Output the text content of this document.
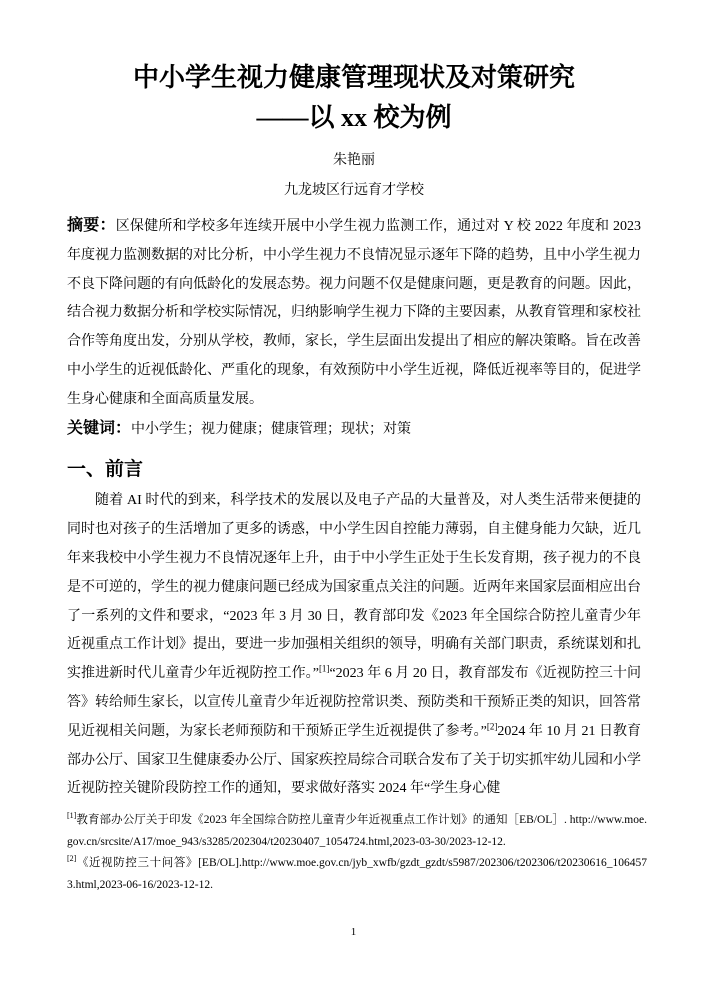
中小学生视力健康管理现状及对策研究
——以 xx 校为例
朱艳丽
九龙坡区行远育才学校
摘要：区保健所和学校多年连续开展中小学生视力监测工作，通过对 Y 校 2022 年度和 2023 年度视力监测数据的对比分析，中小学生视力不良情况显示逐年下降的趋势，且中小学生视力不良下降问题的有向低龄化的发展态势。视力问题不仅是健康问题，更是教育的问题。因此，结合视力数据分析和学校实际情况，归纳影响学生视力下降的主要因素，从教育管理和家校社合作等角度出发，分别从学校，教师，家长，学生层面出发提出了相应的解决策略。旨在改善中小学生的近视低龄化、严重化的现象，有效预防中小学生近视，降低近视率等目的，促进学生身心健康和全面高质量发展。
关键词：中小学生；视力健康；健康管理；现状；对策
一、前言
随着 AI 时代的到来，科学技术的发展以及电子产品的大量普及，对人类生活带来便捷的同时也对孩子的生活增加了更多的诱惑，中小学生因自控能力薄弱，自主健身能力欠缺，近几年来我校中小学生视力不良情况逐年上升，由于中小学生正处于生长发育期，孩子视力的不良是不可逆的，学生的视力健康问题已经成为国家重点关注的问题。近两年来国家层面相应出台了一系列的文件和要求，“2023 年 3 月 30 日，教育部印发《2023 年全国综合防控儿童青少年近视重点工作计划》提出，要进一步加强相关组织的领导，明确有关部门职责，系统谋划和扎实推进新时代儿童青少年近视防控工作。”[1]“2023 年 6 月 20 日，教育部发布《近视防控三十问答》转给师生家长，以宣传儿童青少年近视防控常识类、预防类和干预矫正类的知识，回答常见近视相关问题，为家长老师预防和干预矫正学生近视提供了参考。”[2]2024 年 10 月 21 日教育部办公厅、国家卫生健康委办公厅、国家疾控局综合司联合发布了关于切实抓牢幼儿园和小学近视防控关键阶段防控工作的通知，要求做好落实 2024 年“学生身心健
[1]教育部办公厅关于印发《2023 年全国综合防控儿童青少年近视重点工作计划》的通知［EB/OL］. http://www.moe.gov.cn/srcsite/A17/moe_943/s3285/202304/t20230407_1054724.html,2023-03-30/2023-12-12.
[2]《近视防控三十问答》[EB/OL].http://www.moe.gov.cn/jyb_xwfb/gzdt_gzdt/s5987/202306/t202306/t20230616_1064573.html,2023-06-16/2023-12-12.
1
